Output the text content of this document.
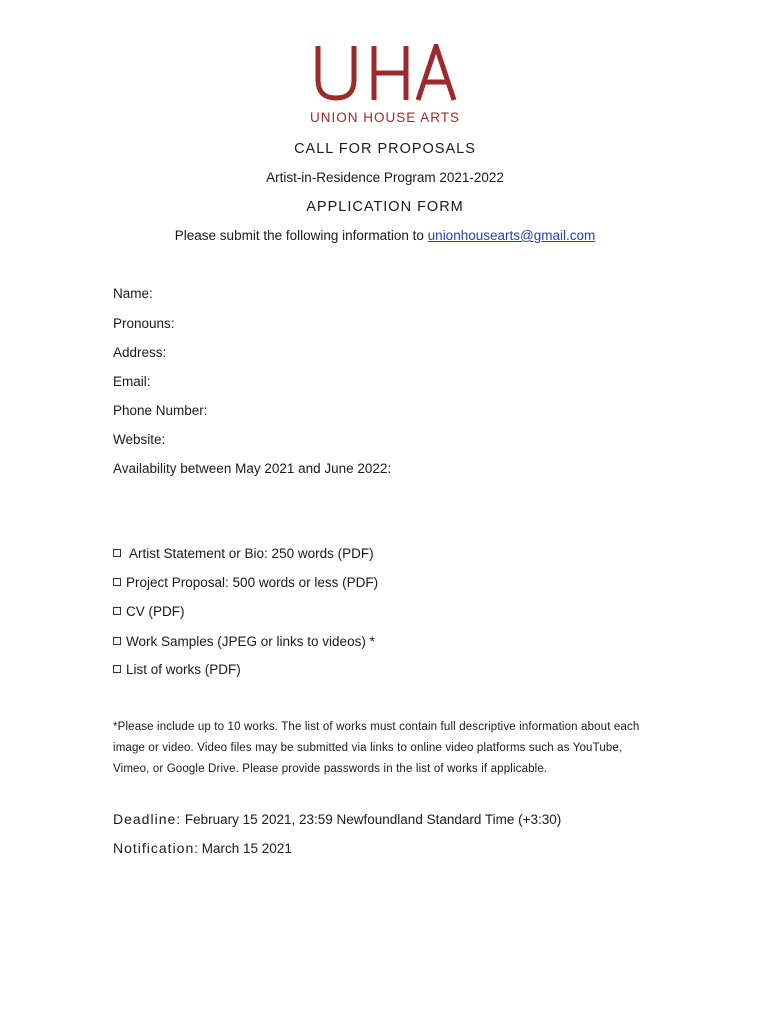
UNION HOUSE ARTS
CALL FOR PROPOSALS
Artist-in-Residence Program 2021-2022
APPLICATION FORM
Please submit the following information to unionhousearts@gmail.com
Name:
Pronouns:
Address:
Email:
Phone Number:
Website:
Availability between May 2021 and June 2022:
Artist Statement or Bio: 250 words (PDF)
Project Proposal: 500 words or less (PDF)
CV (PDF)
Work Samples (JPEG or links to videos) *
List of works (PDF)
*Please include up to 10 works. The list of works must contain full descriptive information about each image or video. Video files may be submitted via links to online video platforms such as YouTube, Vimeo, or Google Drive. Please provide passwords in the list of works if applicable.
Deadline: February 15 2021, 23:59 Newfoundland Standard Time (+3:30)
Notification: March 15 2021
